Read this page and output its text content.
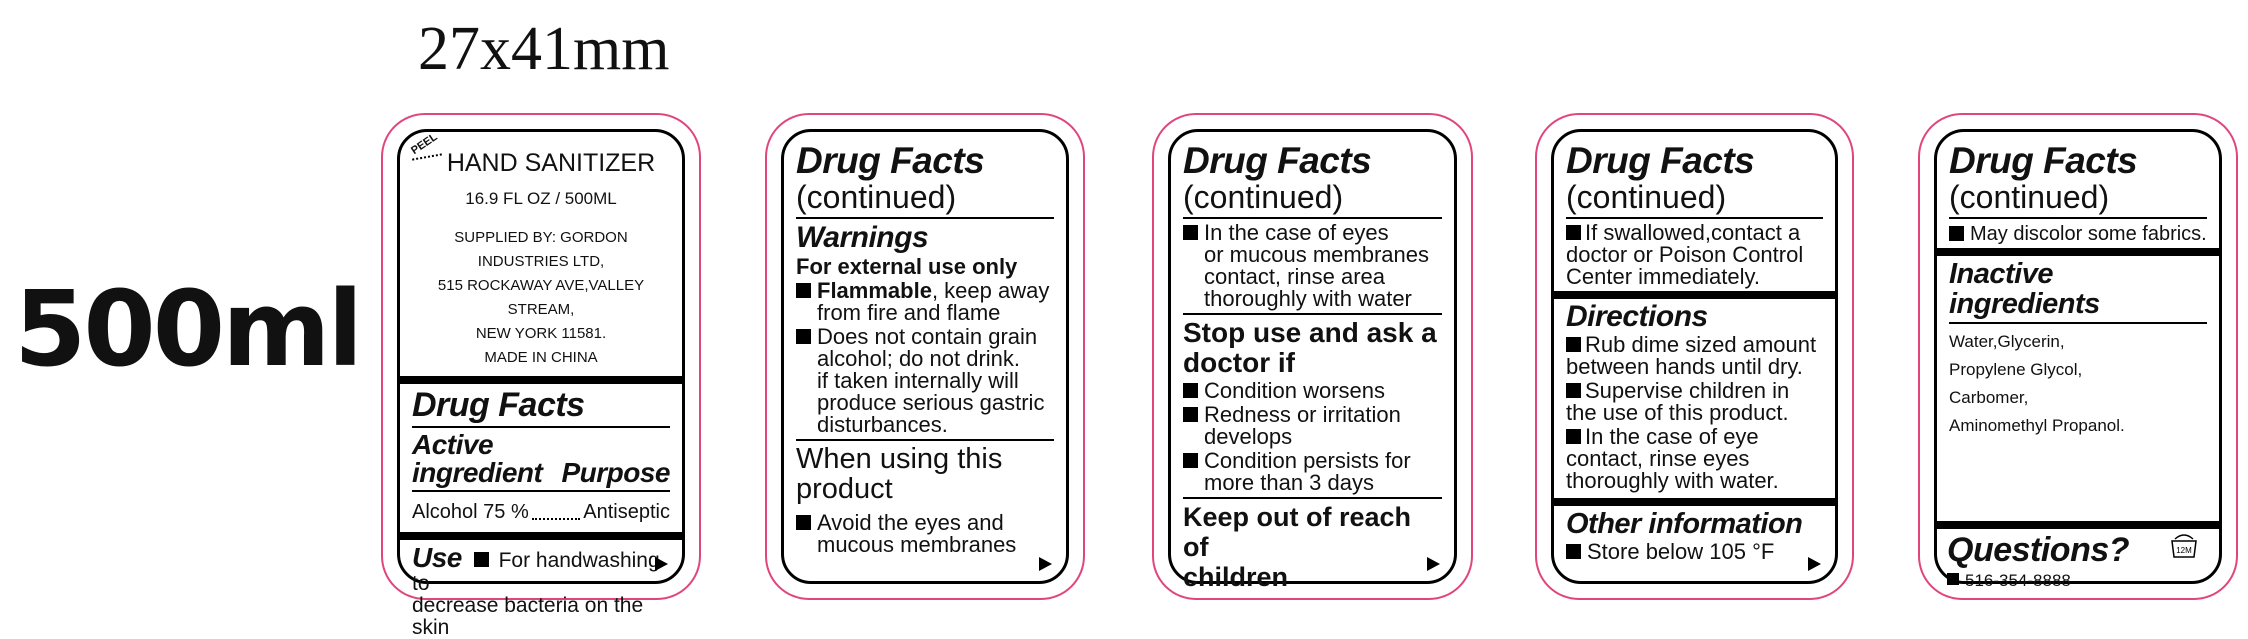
27x41mm
500ml
PEEL
HAND SANITIZER
16.9 FL OZ / 500ML
SUPPLIED BY: GORDON INDUSTRIES LTD,
515 ROCKAWAY AVE,VALLEY STREAM,
NEW YORK 11581.
MADE IN CHINA
Drug Facts
Active
ingredient Purpose
Alcohol 75 %	Antiseptic
Use For handwashing to
decrease bacteria on the skin
Drug Facts
(continued)
Warnings
For external use only
Flammable, keep away
from fire and flame
Does not contain grain
alcohol; do not drink.
if taken internally will
produce serious gastric
disturbances.
When using this
product
Avoid the eyes and
mucous membranes
Drug Facts
(continued)
In the case of eyes
or mucous membranes
contact, rinse area
thoroughly with water
Stop use and ask a
doctor if
Condition worsens
Redness or irritation
develops
Condition persists for
more than 3 days
Keep out of reach of
children
Drug Facts
(continued)
If swallowed,contact a
doctor or Poison Control
Center immediately.
Directions
Rub dime sized amount
between hands until dry.
Supervise children in
the use of this product.
In the case of eye
contact, rinse eyes
thoroughly with water.
Other information
Store below 105 °F
Drug Facts
(continued)
May discolor some fabrics.
Inactive ingredients
Water,Glycerin,
Propylene Glycol,
Carbomer,
Aminomethyl Propanol.
Questions?
516-354-8888
12M
